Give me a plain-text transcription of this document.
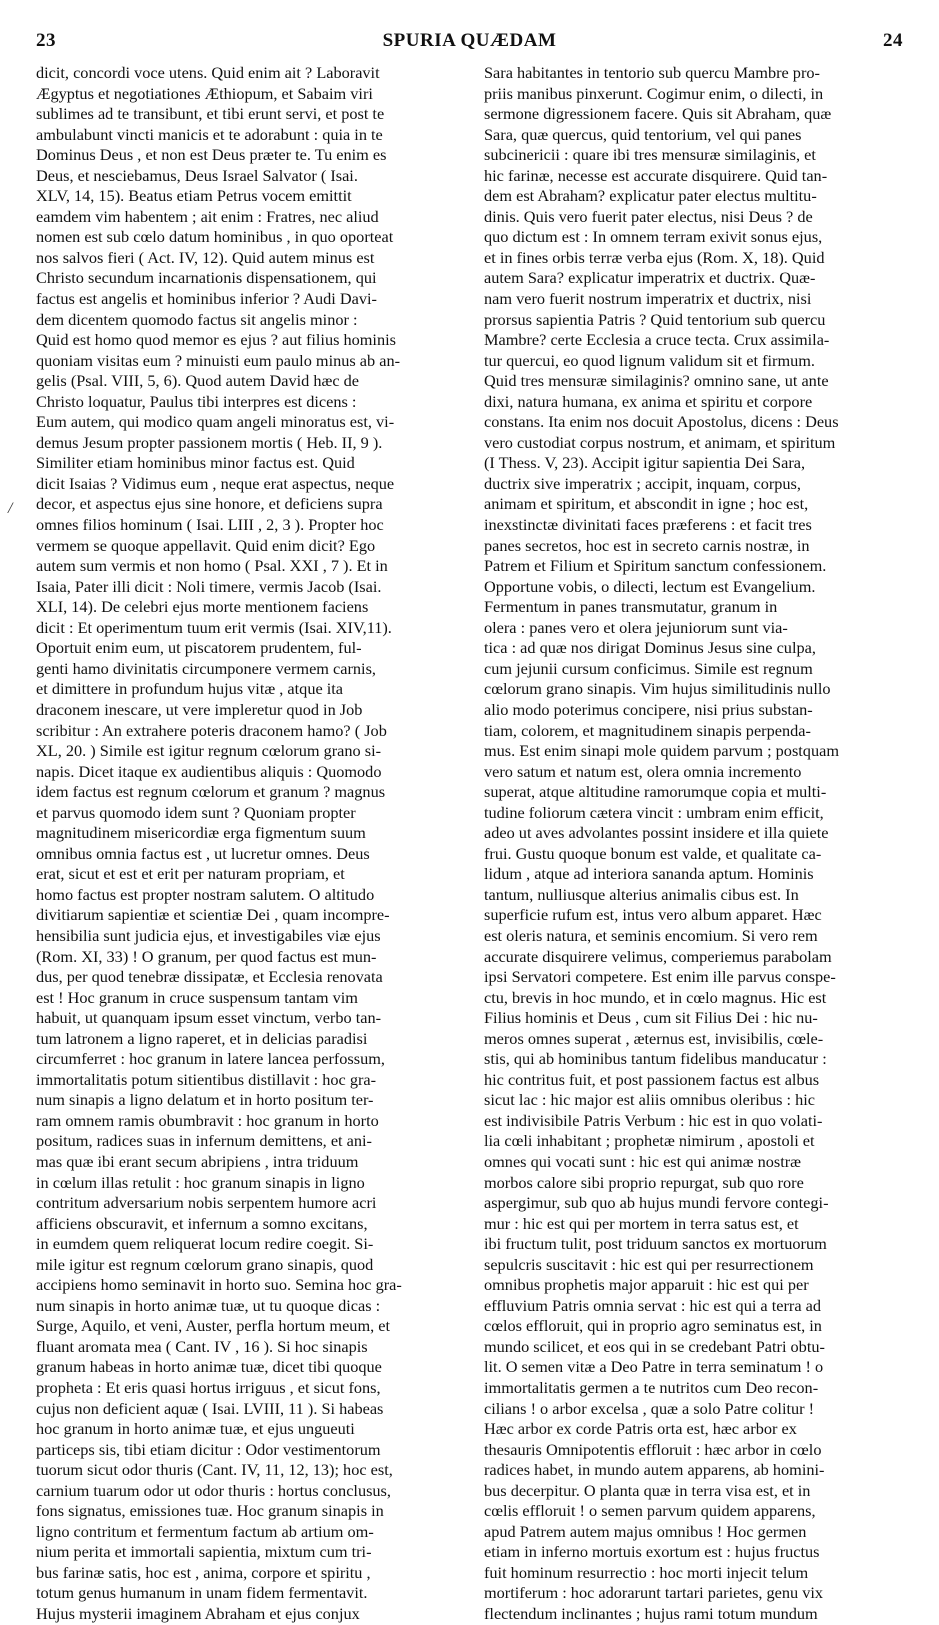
23	SPURIA QUÆDAM	24
/
dicit, concordi voce utens. Quid enim ait ? Laboravit
Ægyptus et negotiationes Æthiopum, et Sabaim viri
sublimes ad te transibunt, et tibi erunt servi, et post te
ambulabunt vincti manicis et te adorabunt : quia in te
Dominus Deus , et non est Deus præter te. Tu enim es
Deus, et nesciebamus, Deus Israel Salvator ( Isai.
XLV, 14, 15). Beatus etiam Petrus vocem emittit
eamdem vim habentem ; ait enim : Fratres, nec aliud
nomen est sub cœlo datum hominibus , in quo oporteat
nos salvos fieri ( Act. IV, 12). Quid autem minus est
Christo secundum incarnationis dispensationem, qui
factus est angelis et hominibus inferior ? Audi Davi-
dem dicentem quomodo factus sit angelis minor :
Quid est homo quod memor es ejus ? aut filius hominis
quoniam visitas eum ? minuisti eum paulo minus ab an-
gelis (Psal. VIII, 5, 6). Quod autem David hæc de
Christo loquatur, Paulus tibi interpres est dicens :
Eum autem, qui modico quam angeli minoratus est, vi-
demus Jesum propter passionem mortis ( Heb. II, 9 ).
Similiter etiam hominibus minor factus est. Quid
dicit Isaias ? Vidimus eum , neque erat aspectus, neque
decor, et aspectus ejus sine honore, et deficiens supra
omnes filios hominum ( Isai. LIII , 2, 3 ). Propter hoc
vermem se quoque appellavit. Quid enim dicit? Ego
autem sum vermis et non homo ( Psal. XXI , 7 ). Et in
Isaia, Pater illi dicit : Noli timere, vermis Jacob (Isai.
XLI, 14). De celebri ejus morte mentionem faciens
dicit : Et operimentum tuum erit vermis (Isai. XIV,11).
Oportuit enim eum, ut piscatorem prudentem, ful-
genti hamo divinitatis circumponere vermem carnis,
et dimittere in profundum hujus vitæ , atque ita
draconem inescare, ut vere impleretur quod in Job
scribitur : An extrahere poteris draconem hamo? ( Job
XL, 20. ) Simile est igitur regnum cœlorum grano si-
napis. Dicet itaque ex audientibus aliquis : Quomodo
idem factus est regnum cœlorum et granum ? magnus
et parvus quomodo idem sunt ? Quoniam propter
magnitudinem misericordiæ erga figmentum suum
omnibus omnia factus est , ut lucretur omnes. Deus
erat, sicut et est et erit per naturam propriam, et
homo factus est propter nostram salutem. O altitudo
divitiarum sapientiæ et scientiæ Dei , quam incompre-
hensibilia sunt judicia ejus, et investigabiles viæ ejus
(Rom. XI, 33) ! O granum, per quod factus est mun-
dus, per quod tenebræ dissipatæ, et Ecclesia renovata
est ! Hoc granum in cruce suspensum tantam vim
habuit, ut quanquam ipsum esset vinctum, verbo tan-
tum latronem a ligno raperet, et in delicias paradisi
circumferret : hoc granum in latere lancea perfossum,
immortalitatis potum sitientibus distillavit : hoc gra-
num sinapis a ligno delatum et in horto positum ter-
ram omnem ramis obumbravit : hoc granum in horto
positum, radices suas in infernum demittens, et ani-
mas quæ ibi erant secum abripiens , intra triduum
in cœlum illas retulit : hoc granum sinapis in ligno
contritum adversarium nobis serpentem humore acri
afficiens obscuravit, et infernum a somno excitans,
in eumdem quem reliquerat locum redire coegit. Si-
mile igitur est regnum cœlorum grano sinapis, quod
accipiens homo seminavit in horto suo. Semina hoc gra-
num sinapis in horto animæ tuæ, ut tu quoque dicas :
Surge, Aquilo, et veni, Auster, perfla hortum meum, et
fluant aromata mea ( Cant. IV , 16 ). Si hoc sinapis
granum habeas in horto animæ tuæ, dicet tibi quoque
propheta : Et eris quasi hortus irriguus , et sicut fons,
cujus non deficient aquæ ( Isai. LVIII, 11 ). Si habeas
hoc granum in horto animæ tuæ, et ejus ungueuti
particeps sis, tibi etiam dicitur : Odor vestimentorum
tuorum sicut odor thuris (Cant. IV, 11, 12, 13); hoc est,
carnium tuarum odor ut odor thuris : hortus conclusus,
fons signatus, emissiones tuæ. Hoc granum sinapis in
ligno contritum et fermentum factum ab artium om-
nium perita et immortali sapientia, mixtum cum tri-
bus farinæ satis, hoc est , anima, corpore et spiritu ,
totum genus humanum in unam fidem fermentavit.
Hujus mysterii imaginem Abraham et ejus conjux
Sara habitantes in tentorio sub quercu Mambre pro-
priis manibus pinxerunt. Cogimur enim, o dilecti, in
sermone digressionem facere. Quis sit Abraham, quæ
Sara, quæ quercus, quid tentorium, vel qui panes
subcinericii : quare ibi tres mensuræ similaginis, et
hic farinæ, necesse est accurate disquirere. Quid tan-
dem est Abraham? explicatur pater electus multitu-
dinis. Quis vero fuerit pater electus, nisi Deus ? de
quo dictum est : In omnem terram exivit sonus ejus,
et in fines orbis terræ verba ejus (Rom. X, 18). Quid
autem Sara? explicatur imperatrix et ductrix. Quæ-
nam vero fuerit nostrum imperatrix et ductrix, nisi
prorsus sapientia Patris ? Quid tentorium sub quercu
Mambre? certe Ecclesia a cruce tecta. Crux assimila-
tur quercui, eo quod lignum validum sit et firmum.
Quid tres mensuræ similaginis? omnino sane, ut ante
dixi, natura humana, ex anima et spiritu et corpore
constans. Ita enim nos docuit Apostolus, dicens : Deus
vero custodiat corpus nostrum, et animam, et spiritum
(I Thess. V, 23). Accipit igitur sapientia Dei Sara,
ductrix sive imperatrix ; accipit, inquam, corpus,
animam et spiritum, et abscondit in igne ; hoc est,
inexstinctæ divinitati faces præferens : et facit tres
panes secretos, hoc est in secreto carnis nostræ, in
Patrem et Filium et Spiritum sanctum confessionem.
Opportune vobis, o dilecti, lectum est Evangelium.
Fermentum in panes transmutatur, granum in
olera : panes vero et olera jejuniorum sunt via-
tica : ad quæ nos dirigat Dominus Jesus sine culpa,
cum jejunii cursum conficimus. Simile est regnum
cœlorum grano sinapis. Vim hujus similitudinis nullo
alio modo poterimus concipere, nisi prius substan-
tiam, colorem, et magnitudinem sinapis perpenda-
mus. Est enim sinapi mole quidem parvum ; postquam
vero satum et natum est, olera omnia incremento
superat, atque altitudine ramorumque copia et multi-
tudine foliorum cætera vincit : umbram enim efficit,
adeo ut aves advolantes possint insidere et illa quiete
frui. Gustu quoque bonum est valde, et qualitate ca-
lidum , atque ad interiora sananda aptum. Hominis
tantum, nulliusque alterius animalis cibus est. In
superficie rufum est, intus vero album apparet. Hæc
est oleris natura, et seminis encomium. Si vero rem
accurate disquirere velimus, comperiemus parabolam
ipsi Servatori competere. Est enim ille parvus conspe-
ctu, brevis in hoc mundo, et in cœlo magnus. Hic est
Filius hominis et Deus , cum sit Filius Dei : hic nu-
meros omnes superat , æternus est, invisibilis, cœle-
stis, qui ab hominibus tantum fidelibus manducatur :
hic contritus fuit, et post passionem factus est albus
sicut lac : hic major est aliis omnibus oleribus : hic
est indivisibile Patris Verbum : hic est in quo volati-
lia cœli inhabitant ; prophetæ nimirum , apostoli et
omnes qui vocati sunt : hic est qui animæ nostræ
morbos calore sibi proprio repurgat, sub quo rore
aspergimur, sub quo ab hujus mundi fervore contegi-
mur : hic est qui per mortem in terra satus est, et
ibi fructum tulit, post triduum sanctos ex mortuorum
sepulcris suscitavit : hic est qui per resurrectionem
omnibus prophetis major apparuit : hic est qui per
effluvium Patris omnia servat : hic est qui a terra ad
cœlos effloruit, qui in proprio agro seminatus est, in
mundo scilicet, et eos qui in se credebant Patri obtu-
lit. O semen vitæ a Deo Patre in terra seminatum ! o
immortalitatis germen a te nutritos cum Deo recon-
cilians ! o arbor excelsa , quæ a solo Patre colitur !
Hæc arbor ex corde Patris orta est, hæc arbor ex
thesauris Omnipotentis effloruit : hæc arbor in cœlo
radices habet, in mundo autem apparens, ab homini-
bus decerpitur. O planta quæ in terra visa est, et in
cœlis effloruit ! o semen parvum quidem apparens,
apud Patrem autem majus omnibus ! Hoc germen
etiam in inferno mortuis exortum est : hujus fructus
fuit hominum resurrectio : hoc morti injecit telum
mortiferum : hoc adorarunt tartari parietes, genu vix
flectendum inclinantes ; hujus rami totum mundum
